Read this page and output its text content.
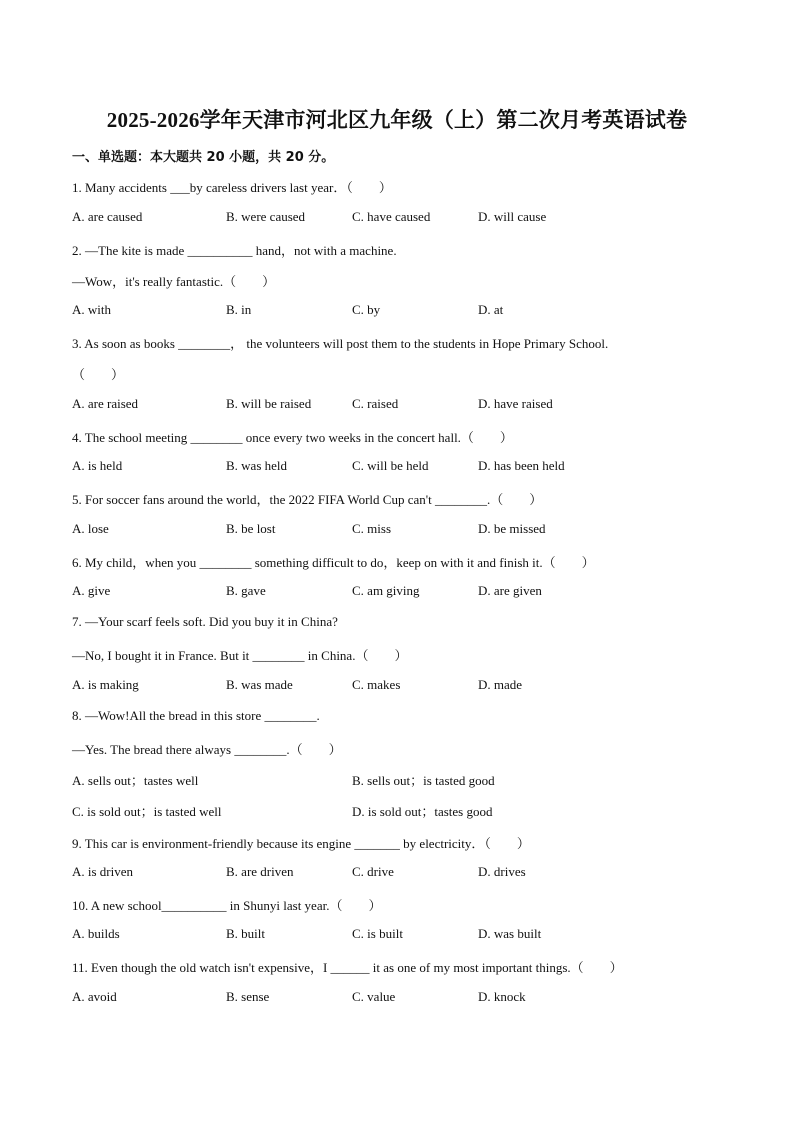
2025-2026学年天津市河北区九年级（上）第二次月考英语试卷
一、单选题：本大题共 20 小题，共 20 分。
1. Many accidents ___by careless drivers last year．（　　）
A. are caused	B. were caused	C. have caused	D. will cause
2. —The kite is made __________ hand，not with a machine.
—Wow，it's really fantastic.（　　）
A. with	B. in	C. by	D. at
3. As soon as books ________， the volunteers will post them to the students in Hope Primary School.
（　　）
A. are raised	B. will be raised	C. raised	D. have raised
4. The school meeting ________ once every two weeks in the concert hall.（　　）
A. is held	B. was held	C. will be held	D. has been held
5. For soccer fans around the world，the 2022 FIFA World Cup can't ________.（　　）
A. lose	B. be lost	C. miss	D. be missed
6. My child，when you ________ something difficult to do，keep on with it and finish it.（　　）
A. give	B. gave	C. am giving	D. are given
7. —Your scarf feels soft. Did you buy it in China?
—No, I bought it in France. But it ________ in China.（　　）
A. is making	B. was made	C. makes	D. made
8. —Wow!All the bread in this store ________.
—Yes. The bread there always ________.（　　）
A. sells out；tastes well	B. sells out；is tasted good
C. is sold out；is tasted well	D. is sold out；tastes good
9. This car is environment-friendly because its engine _______ by electricity．（　　）
A. is driven	B. are driven	C. drive	D. drives
10. A new school__________ in Shunyi last year.（　　）
A. builds	B. built	C. is built	D. was built
11. Even though the old watch isn't expensive，I ______ it as one of my most important things.（　　）
A. avoid	B. sense	C. value	D. knock
